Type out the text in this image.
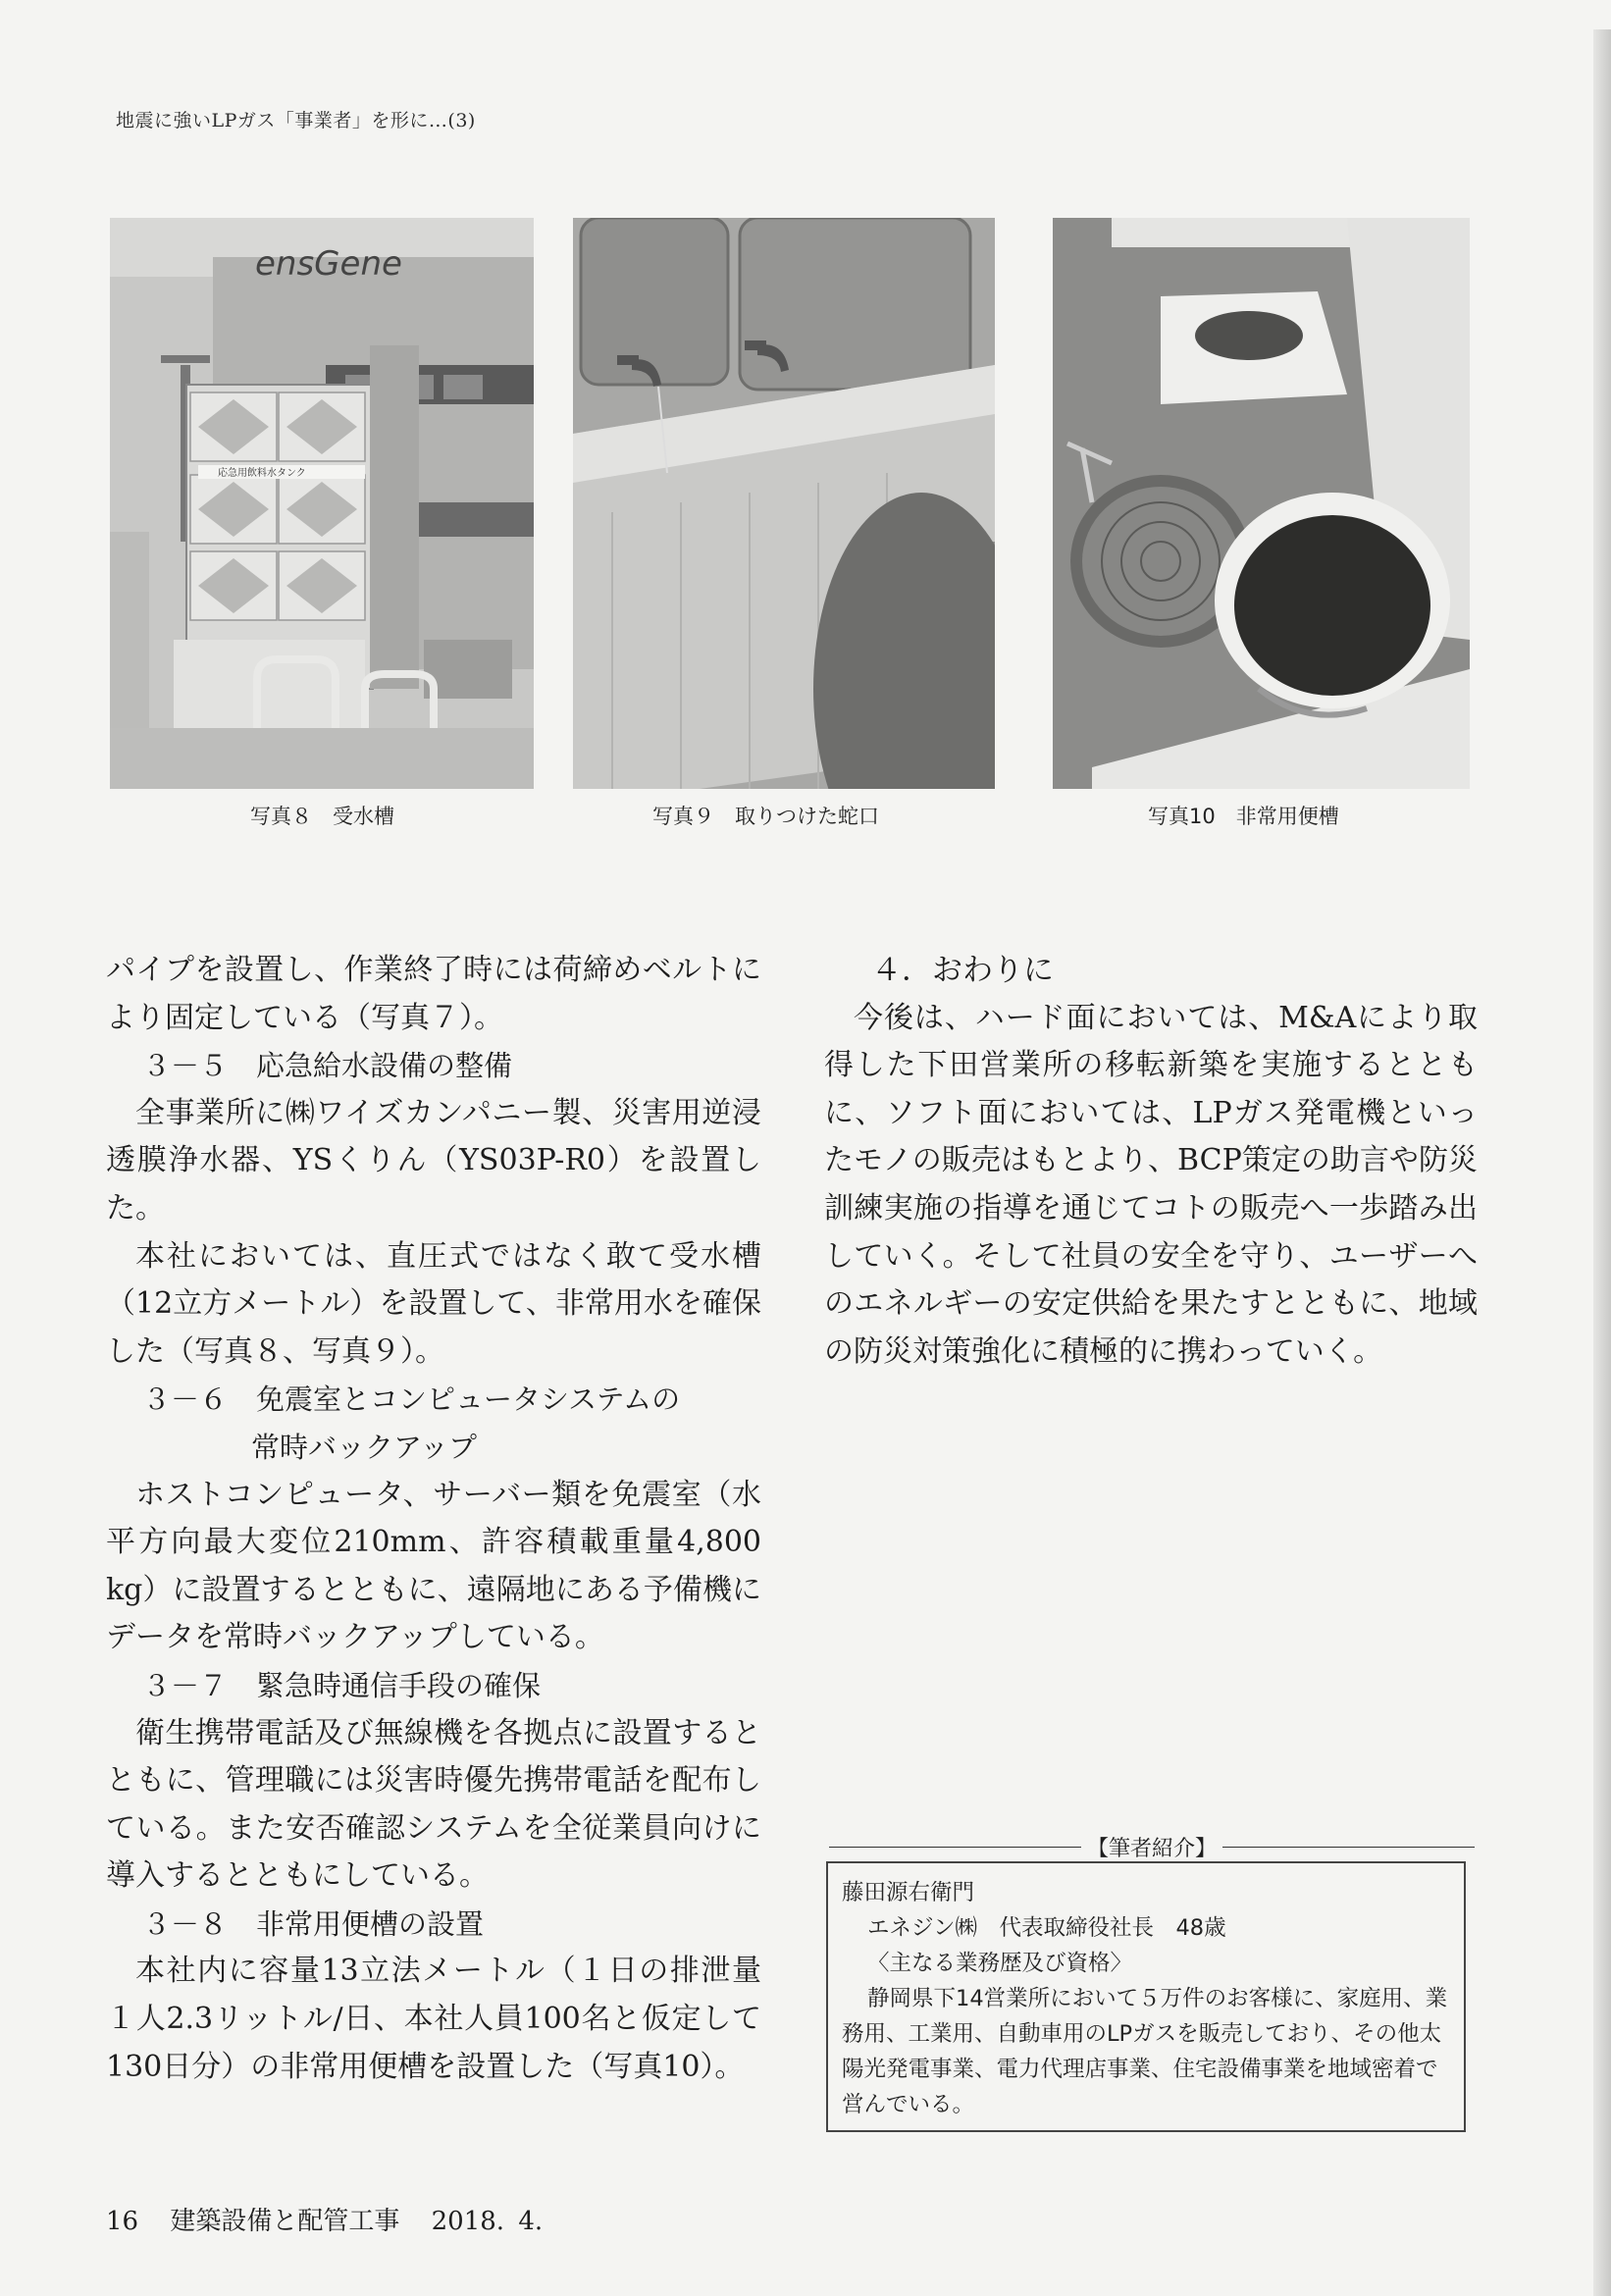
地震に強いLPガス「事業者」を形に…(3)
ensGene
応急用飲料水タンク
写真８　受水槽	写真９　取りつけた蛇口	写真10　非常用便槽

パイプを設置し、作業終了時には荷締めベルトにより固定している（写真７）。

３－５　応急給水設備の整備

全事業所に㈱ワイズカンパニー製、災害用逆浸透膜浄水器、YSくりん（YS03P-R0）を設置した。

本社においては、直圧式ではなく敢て受水槽（12立方メートル）を設置して、非常用水を確保した（写真８、写真９）。

３－６　免震室とコンピュータシステムの
常時バックアップ

ホストコンピュータ、サーバー類を免震室（水平方向最大変位210mm、許容積載重量4,800 kg）に設置するとともに、遠隔地にある予備機にデータを常時バックアップしている。

３－７　緊急時通信手段の確保

衛生携帯電話及び無線機を各拠点に設置するとともに、管理職には災害時優先携帯電話を配布している。また安否確認システムを全従業員向けに導入するとともにしている。

３－８　非常用便槽の設置

本社内に容量13立法メートル（１日の排泄量１人2.3リットル/日、本社人員100名と仮定して130日分）の非常用便槽を設置した（写真10）。

４．おわりに

今後は、ハード面においては、M&Aにより取得した下田営業所の移転新築を実施するとともに、ソフト面においては、LPガス発電機といったモノの販売はもとより、BCP策定の助言や防災訓練実施の指導を通じてコトの販売へ一歩踏み出していく。そして社員の安全を守り、ユーザーへのエネルギーの安定供給を果たすとともに、地域の防災対策強化に積極的に携わっていく。

【筆者紹介】
藤田源右衛門
エネジン㈱　代表取締役社長　48歳
〈主なる業務歴及び資格〉
静岡県下14営業所において５万件のお客様に、家庭用、業務用、工業用、自動車用のLPガスを販売しており、その他太陽光発電事業、電力代理店事業、住宅設備事業を地域密着で営んでいる。
16 建築設備と配管工事 2018. 4.
